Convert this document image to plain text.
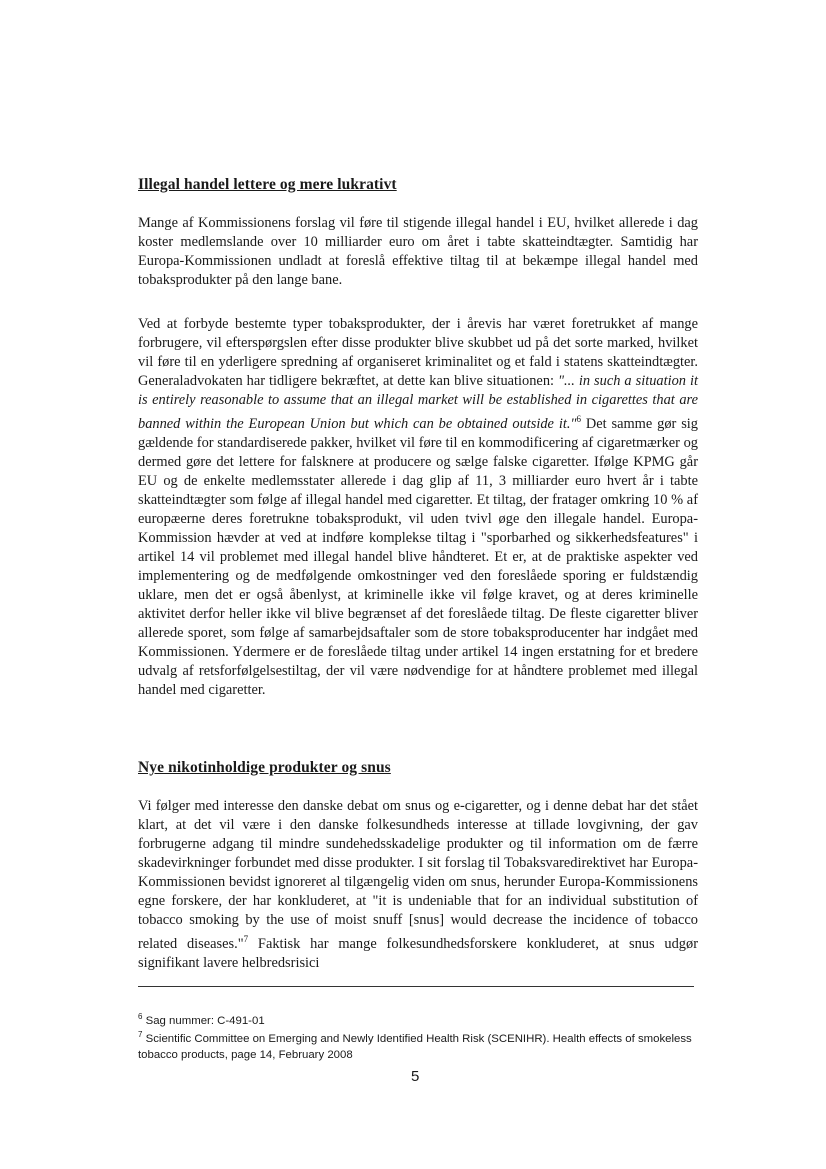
Illegal handel lettere og mere lukrativt

Mange af Kommissionens forslag vil føre til stigende illegal handel i EU, hvilket allerede i dag koster medlemslande over 10 milliarder euro om året i tabte skatteindtægter. Samtidig har Europa-Kommissionen undladt at foreslå effektive tiltag til at bekæmpe illegal handel med tobaksprodukter på den lange bane.

Ved at forbyde bestemte typer tobaksprodukter, der i årevis har været foretrukket af mange forbrugere, vil efterspørgslen efter disse produkter blive skubbet ud på det sorte marked, hvilket vil føre til en yderligere spredning af organiseret kriminalitet og et fald i statens skatteindtægter. Generaladvokaten har tidligere bekræftet, at dette kan blive situationen: "... in such a situation it is entirely reasonable to assume that an illegal market will be established in cigarettes that are banned within the European Union but which can be obtained outside it."$^6$ Det samme gør sig gældende for standardiserede pakker, hvilket vil føre til en kommodificering af cigaretmærker og dermed gøre det lettere for falsknere at producere og sælge falske cigaretter. Ifølge KPMG går EU og de enkelte medlemsstater allerede i dag glip af 11, 3 milliarder euro hvert år i tabte skatteindtægter som følge af illegal handel med cigaretter. Et tiltag, der fratager omkring 10 % af europæerne deres foretrukne tobaksprodukt, vil uden tvivl øge den illegale handel. Europa-Kommission hævder at ved at indføre komplekse tiltag i "sporbarhed og sikkerhedsfeatures" i artikel 14 vil problemet med illegal handel blive håndteret. Et er, at de praktiske aspekter ved implementering og de medfølgende omkostninger ved den foreslåede sporing er fuldstændig uklare, men det er også åbenlyst, at kriminelle ikke vil følge kravet, og at deres kriminelle aktivitet derfor heller ikke vil blive begrænset af det foreslåede tiltag. De fleste cigaretter bliver allerede sporet, som følge af samarbejdsaftaler som de store tobaksproducenter har indgået med Kommissionen. Ydermere er de foreslåede tiltag under artikel 14 ingen erstatning for et bredere udvalg af retsforfølgelsestiltag, der vil være nødvendige for at håndtere problemet med illegal handel med cigaretter.

Nye nikotinholdige produkter og snus

Vi følger med interesse den danske debat om snus og e-cigaretter, og i denne debat har det stået klart, at det vil være i den danske folkesundheds interesse at tillade lovgivning, der gav forbrugerne adgang til mindre sundehedsskadelige produkter og til information om de færre skadevirkninger forbundet med disse produkter. I sit forslag til Tobaksvaredirektivet har Europa-Kommissionen bevidst ignoreret al tilgængelig viden om snus, herunder Europa-Kommissionens egne forskere, der har konkluderet, at "it is undeniable that for an individual substitution of tobacco smoking by the use of moist snuff [snus] would decrease the incidence of tobacco related diseases."$^7$ Faktisk har mange folkesundhedsforskere konkluderet, at snus udgør signifikant lavere helbredsrisici

$^6$ Sag nummer: C-491-01
$^7$ Scientific Committee on Emerging and Newly Identified Health Risk (SCENIHR). Health effects of smokeless tobacco products, page 14, February 2008
5
